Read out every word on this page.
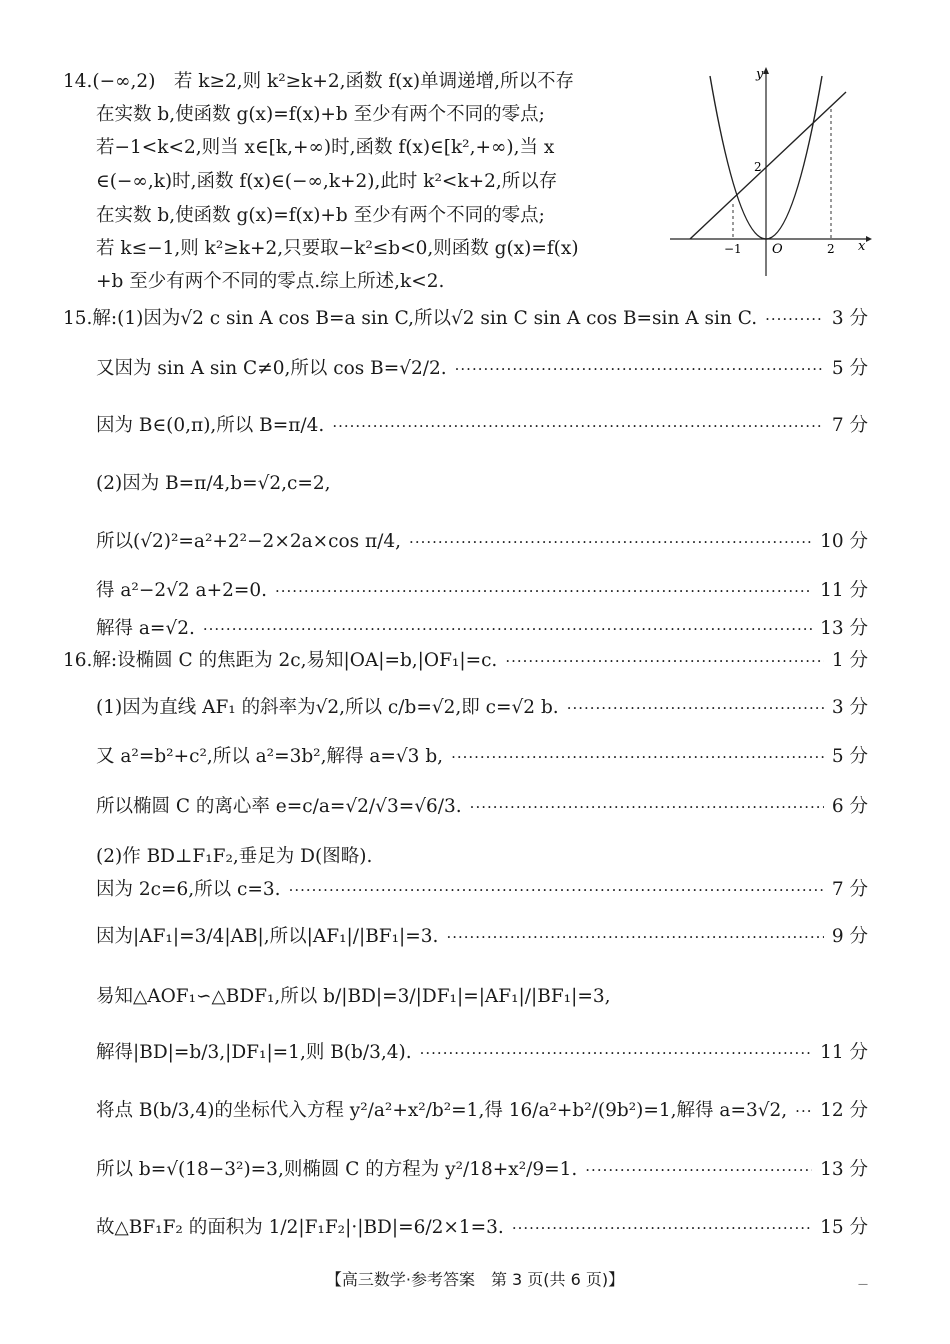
14.(−∞,2)　若 k≥2,则 k²≥k+2,函数 f(x)单调递增,所以不存
在实数 b,使函数 g(x)=f(x)+b 至少有两个不同的零点;
若−1<k<2,则当 x∈[k,+∞)时,函数 f(x)∈[k²,+∞),当 x
∈(−∞,k)时,函数 f(x)∈(−∞,k+2),此时 k²<k+2,所以存
在实数 b,使函数 g(x)=f(x)+b 至少有两个不同的零点;
若 k≤−1,则 k²≥k+2,只要取−k²≤b<0,则函数 g(x)=f(x)
+b 至少有两个不同的零点.综上所述,k<2.
y
x
O
−1	2
2
15.解:(1)因为√2 c sin A cos B=a sin C,所以√2 sin C sin A cos B=sin A sin C. ·····	3 分
又因为 sin A sin C≠0,所以 cos B=√2/2. ·····	5 分
因为 B∈(0,π),所以 B=π/4. ·····	7 分
(2)因为 B=π/4,b=√2,c=2,
所以(√2)²=a²+2²−2×2a×cos π/4, ·····	10 分
得 a²−2√2 a+2=0. ·····	11 分
解得 a=√2. ·····	13 分
16.解:设椭圆 C 的焦距为 2c,易知|OA|=b,|OF₁|=c. ·····	1 分
(1)因为直线 AF₁ 的斜率为√2,所以 c/b=√2,即 c=√2 b. ·····	3 分
又 a²=b²+c²,所以 a²=3b²,解得 a=√3 b, ·····	5 分
所以椭圆 C 的离心率 e=c/a=√2/√3=√6/3. ·····	6 分
(2)作 BD⊥F₁F₂,垂足为 D(图略).
因为 2c=6,所以 c=3. ·····	7 分
因为|AF₁|=3/4|AB|,所以|AF₁|/|BF₁|=3. ·····	9 分
易知△AOF₁∽△BDF₁,所以 b/|BD|=3/|DF₁|=|AF₁|/|BF₁|=3,
解得|BD|=b/3,|DF₁|=1,则 B(b/3,4). ·····	11 分
将点 B(b/3,4)的坐标代入方程 y²/a²+x²/b²=1,得 16/a²+b²/(9b²)=1,解得 a=3√2, ····· 12 分
所以 b=√(18−3²)=3,则椭圆 C 的方程为 y²/18+x²/9=1. ·····	13 分
故△BF₁F₂ 的面积为 1/2|F₁F₂|·|BD|=6/2×1=3. ·····	15 分
【高三数学·参考答案　第 3 页(共 6 页)】	—
